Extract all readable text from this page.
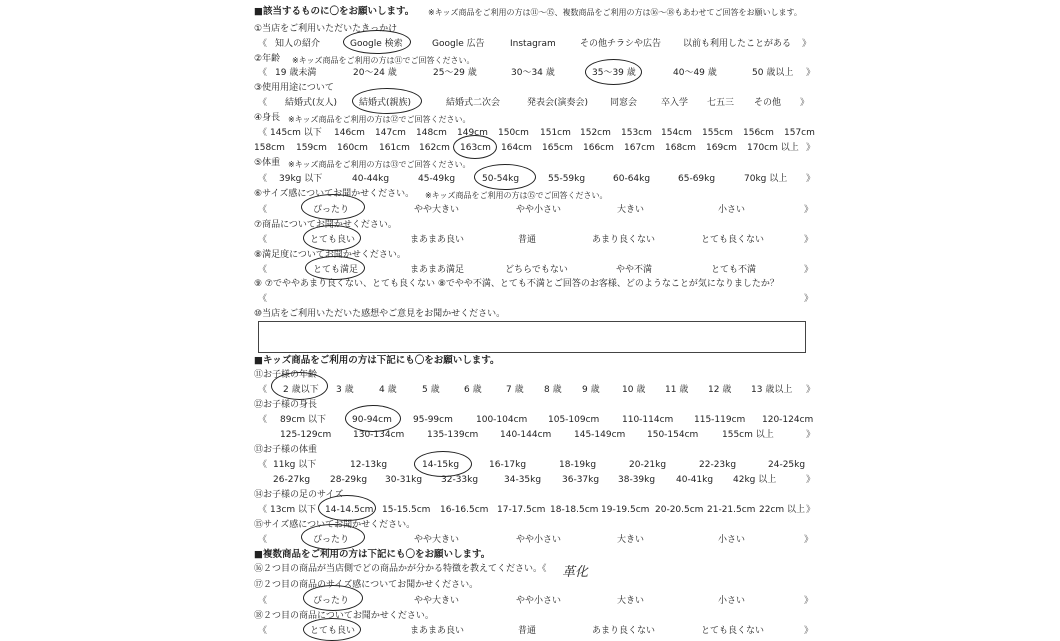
■該当するものに〇をお願いします。 ※キッズ商品をご利用の方は⑪〜⑮、複数商品をご利用の方は⑯〜⑱もあわせてご回答をお願いします。
①当店をご利用いただいたきっかけ
《 知人の紹介	Google 検索	Google 広告	Instagram	その他チラシや広告 以前も利用したことがある 》
②年齢 ※キッズ商品をご利用の方は⑪でご回答ください。
《 19 歳未満	20〜24 歳	25〜29 歳	30〜34 歳	35〜39 歳	40〜49 歳	50 歳以上 》
③使用用途について
《 結婚式(友人) 結婚式(親族)	結婚式二次会	発表会(演奏会) 同窓会	卒入学 七五三 その他 》
④身長 ※キッズ商品をご利用の方は⑫でご回答ください。
《 145cm 以下 146cm 147cm 148cm 149cm 150cm 151cm 152cm 153cm 154cm 155cm 156cm 157cm
158cm 159cm 160cm 161cm 162cm 163cm 164cm 165cm 166cm 167cm 168cm 169cm 170cm 以上 》
⑤体重 ※キッズ商品をご利用の方は⑬でご回答ください。
《 39kg 以下	40-44kg	45-49kg	50-54kg	55-59kg	60-64kg	65-69kg	70kg 以上 》
⑥サイズ感についてお聞かせください。 ※キッズ商品をご利用の方は⑮でご回答ください。
《	ぴったり	やや大きい	やや小さい	大きい	小さい	》
⑦商品についてお聞かせください。
《	とても良い	まあまあ良い	普通	あまり良くない	とても良くない	》
⑧満足度についてお聞かせください。
《	とても満足	まあまあ満足	どちらでもない	やや不満	とても不満	》
⑨ ⑦でややあまり良くない、とても良くない ⑧でやや不満、とても不満とご回答のお客様、どのようなことが気になりましたか？
《	》
⑩当店をご利用いただいた感想やご意見をお聞かせください。
■キッズ商品をご利用の方は下記にも〇をお願いします。
⑪お子様の年齢
《 2 歳以下 3 歳	4 歳	5 歳	6 歳	7 歳 8 歳 9 歳 10 歳 11 歳 12 歳 13 歳以上 》
⑫お子様の身長
《 89cm 以下	90-94cm 95-99cm	100-104cm 105-109cm	110-114cm 115-119cm 120-124cm
125-129cm 130-134cm	135-139cm 140-144cm	145-149cm 150-154cm	155cm 以上	》
⑬お子様の体重
《 11kg 以下	12-13kg	14-15kg	16-17kg	18-19kg	20-21kg	22-23kg	24-25kg
26-27kg 28-29kg 30-31kg 32-33kg	34-35kg 36-37kg 38-39kg 40-41kg 42kg 以上	》
⑭お子様の足のサイズ
《 13cm 以下 14-14.5cm 15-15.5cm 16-16.5cm 17-17.5cm 18-18.5cm 19-19.5cm 20-20.5cm 21-21.5cm 22cm 以上 》
⑮サイズ感についてお聞かせください。
《	ぴったり	やや大きい	やや小さい	大きい	小さい	》
■複数商品をご利用の方は下記にも〇をお願いします。
⑯２つ目の商品が当店側でどの商品かが分かる特徴を教えてください。《 革化
⑰２つ目の商品のサイズ感についてお聞かせください。
《	ぴったり	やや大きい	やや小さい	大きい	小さい	》
⑱２つ目の商品についてお聞かせください。
《	とても良い	まあまあ良い	普通	あまり良くない	とても良くない	》
